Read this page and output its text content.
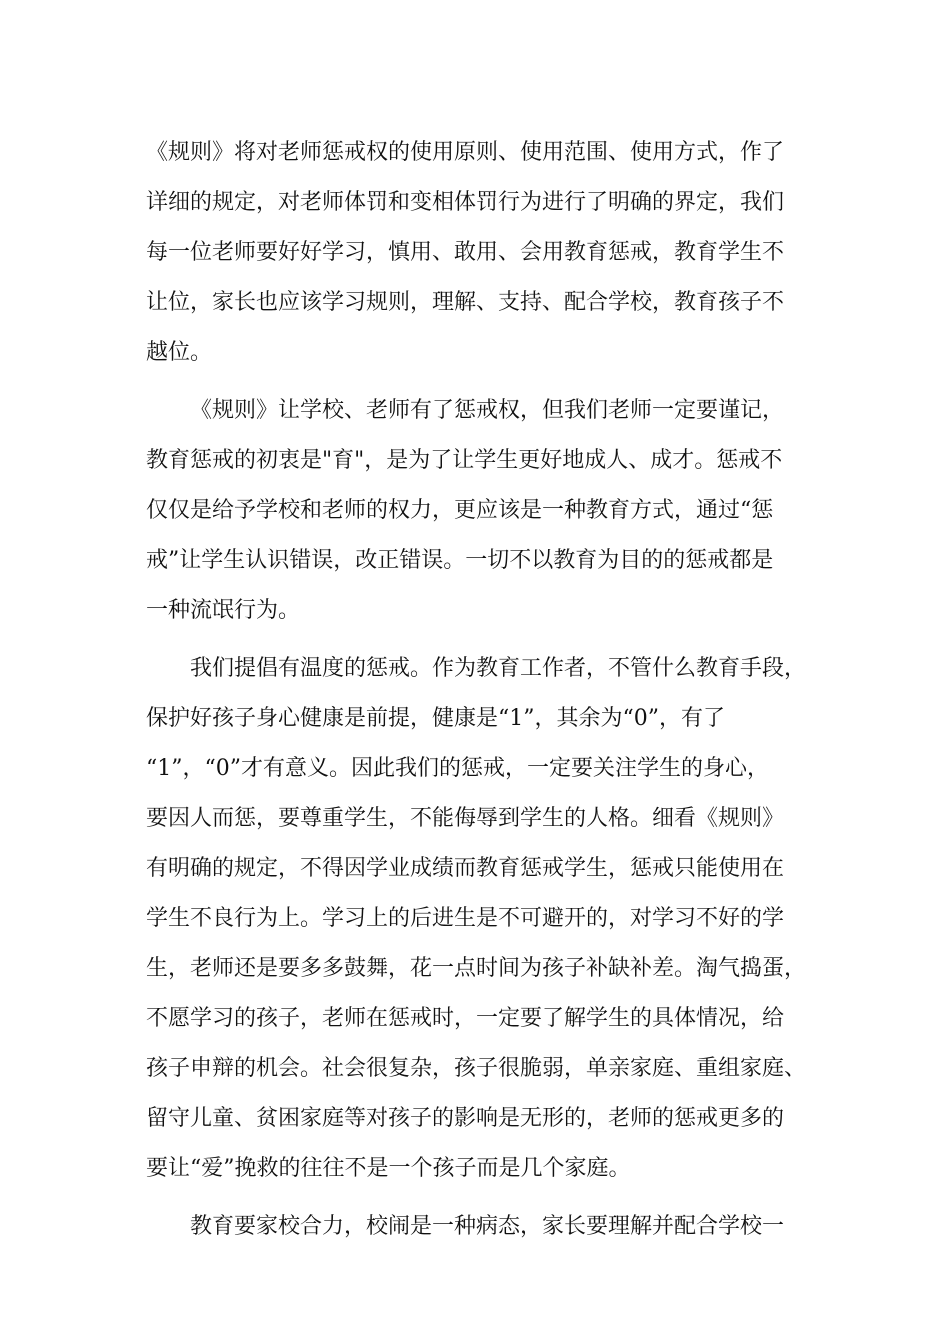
《规则》将对老师惩戒权的使用原则、使用范围、使用方式，作了
详细的规定，对老师体罚和变相体罚行为进行了明确的界定，我们
每一位老师要好好学习，慎用、敢用、会用教育惩戒，教育学生不
让位，家长也应该学习规则，理解、支持、配合学校，教育孩子不
越位。
《规则》让学校、老师有了惩戒权，但我们老师一定要谨记，
教育惩戒的初衷是"育"，是为了让学生更好地成人、成才。惩戒不
仅仅是给予学校和老师的权力，更应该是一种教育方式，通过“惩
戒”让学生认识错误，改正错误。一切不以教育为目的的惩戒都是
一种流氓行为。
我们提倡有温度的惩戒。作为教育工作者，不管什么教育手段，
保护好孩子身心健康是前提，健康是“1”，其余为“0”，有了
“1”，“0”才有意义。因此我们的惩戒，一定要关注学生的身心，
要因人而惩，要尊重学生，不能侮辱到学生的人格。细看《规则》
有明确的规定，不得因学业成绩而教育惩戒学生，惩戒只能使用在
学生不良行为上。学习上的后进生是不可避开的，对学习不好的学
生，老师还是要多多鼓舞，花一点时间为孩子补缺补差。淘气捣蛋，
不愿学习的孩子，老师在惩戒时，一定要了解学生的具体情况，给
孩子申辩的机会。社会很复杂，孩子很脆弱，单亲家庭、重组家庭、
留守儿童、贫困家庭等对孩子的影响是无形的，老师的惩戒更多的
要让“爱”挽救的往往不是一个孩子而是几个家庭。
教育要家校合力，校闹是一种病态，家长要理解并配合学校一
